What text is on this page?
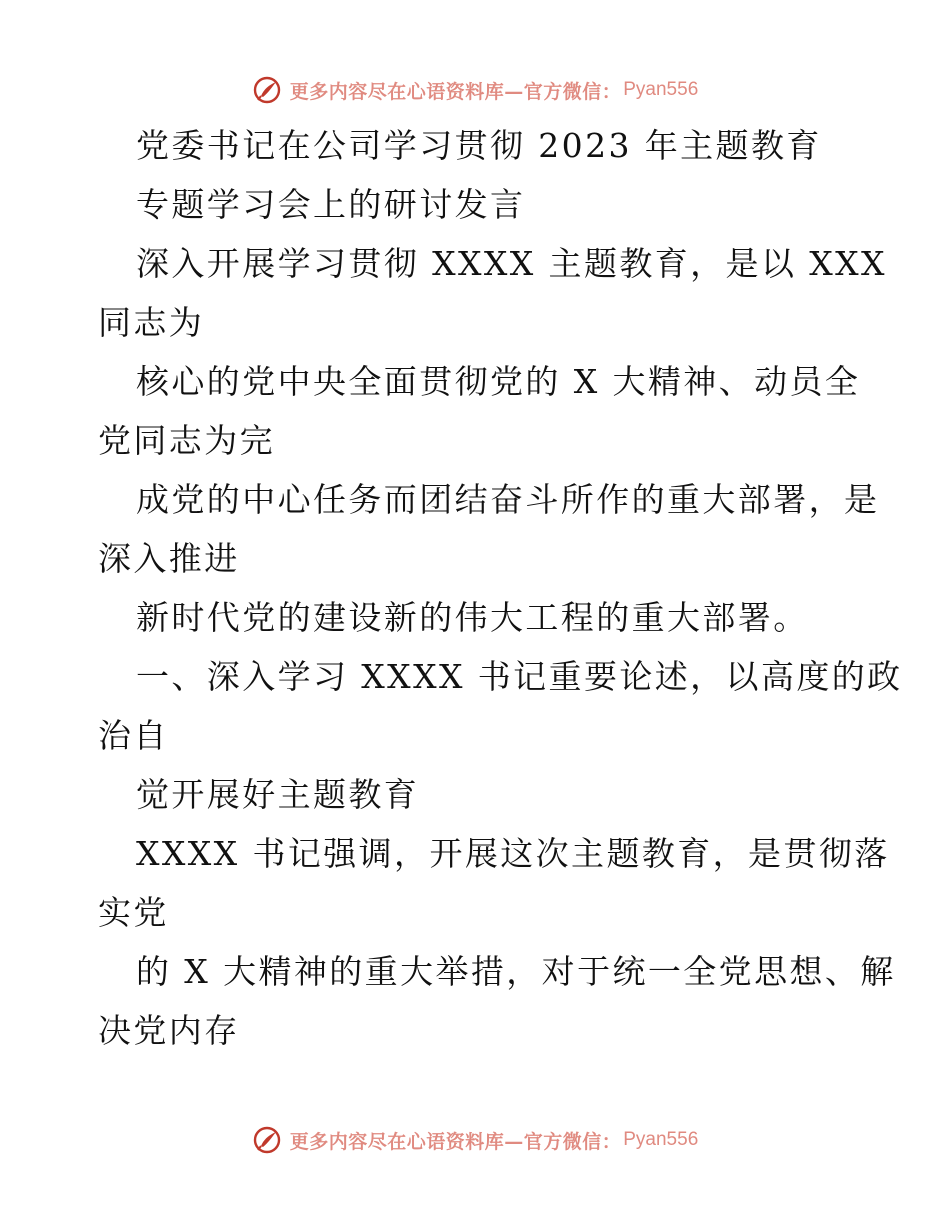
更多内容尽在心语资料库—官方微信： Pyan556
党委书记在公司学习贯彻 2023 年主题教育
专题学习会上的研讨发言
深入开展学习贯彻 XXXX 主题教育，是以 XXX
同志为
核心的党中央全面贯彻党的 X 大精神、动员全
党同志为完
成党的中心任务而团结奋斗所作的重大部署，是
深入推进
新时代党的建设新的伟大工程的重大部署。
一、深入学习 XXXX 书记重要论述，以高度的政
治自
觉开展好主题教育
XXXX 书记强调，开展这次主题教育，是贯彻落
实党
的 X 大精神的重大举措，对于统一全党思想、解
决党内存
更多内容尽在心语资料库—官方微信： Pyan556
